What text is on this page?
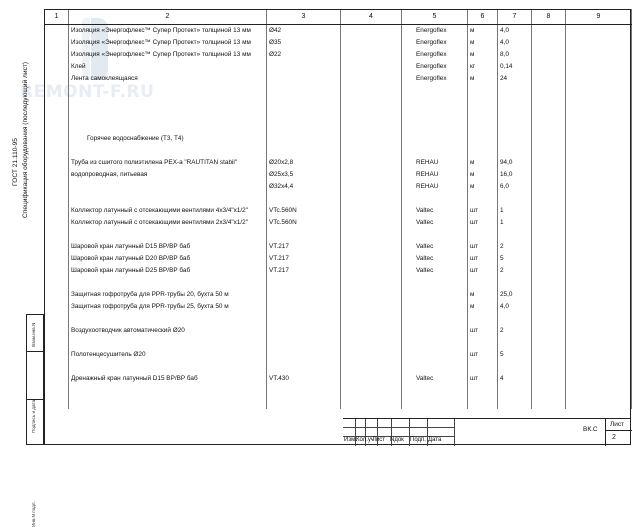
REMONT-F.RU
ГОСТ 21.110-95 Спецификация оборудования (последующий лист)
1	2	3	4	5	6	7	8	9
	Изоляция «Энергофлекс™ Супер Протект» толщиной 13 мм	Ø42		Energoflex	м	4,0		
	Изоляция «Энергофлекс™ Супер Протект» толщиной 13 мм	Ø35		Energoflex	м	4,0		
	Изоляция «Энергофлекс™ Супер Протект» толщиной 13 мм	Ø22		Energoflex	м	8,0		
	Клей			Energoflex	кг	0,14		
	Лента самоклеящаяся			Energoflex	м	24		

	Горячее водоснабжение (Т3, Т4)							

	Труба из сшитого полиэтилена PEX-a "RAUTITAN stabil"	Ø20x2,8		REHAU	м	94,0		
	водопроводная, питьевая	Ø25x3,5		REHAU	м	16,0		
		Ø32x4,4		REHAU	м	6,0		

	Коллектор латунный с отсекающими вентилями 4х3/4"x1/2"	VTc.560N		Valtec	шт	1		
	Коллектор латунный с отсекающими вентилями 2х3/4"x1/2"	VTc.560N		Valtec	шт	1		

	Шаровой кран латунный D15 ВР/ВР баб	VT.217		Valtec	шт	2		
	Шаровой кран латунный D20 ВР/ВР баб	VT.217		Valtec	шт	5		
	Шаровой кран латунный D25 ВР/ВР баб	VT.217		Valtec	шт	2		

	Защитная гофротруба для PPR-трубы 20, бухта 50 м				м	25,0		
	Защитная гофротруба для PPR-трубы 25, бухта 50 м				м	4,0		

	Воздухоотводчик автоматический Ø20				шт	2		

	Полотенцесушитель Ø20				шт	5		

	Дренажный кран латунный D15 ВР/ВР баб	VT.430		Valtec	шт	4		

Взам.инв.N
Подпись и дата
Инв.N подл.
Изм. Кол.уч
Лист Nдок Подп. Дата
ВК.С
Лист
2
